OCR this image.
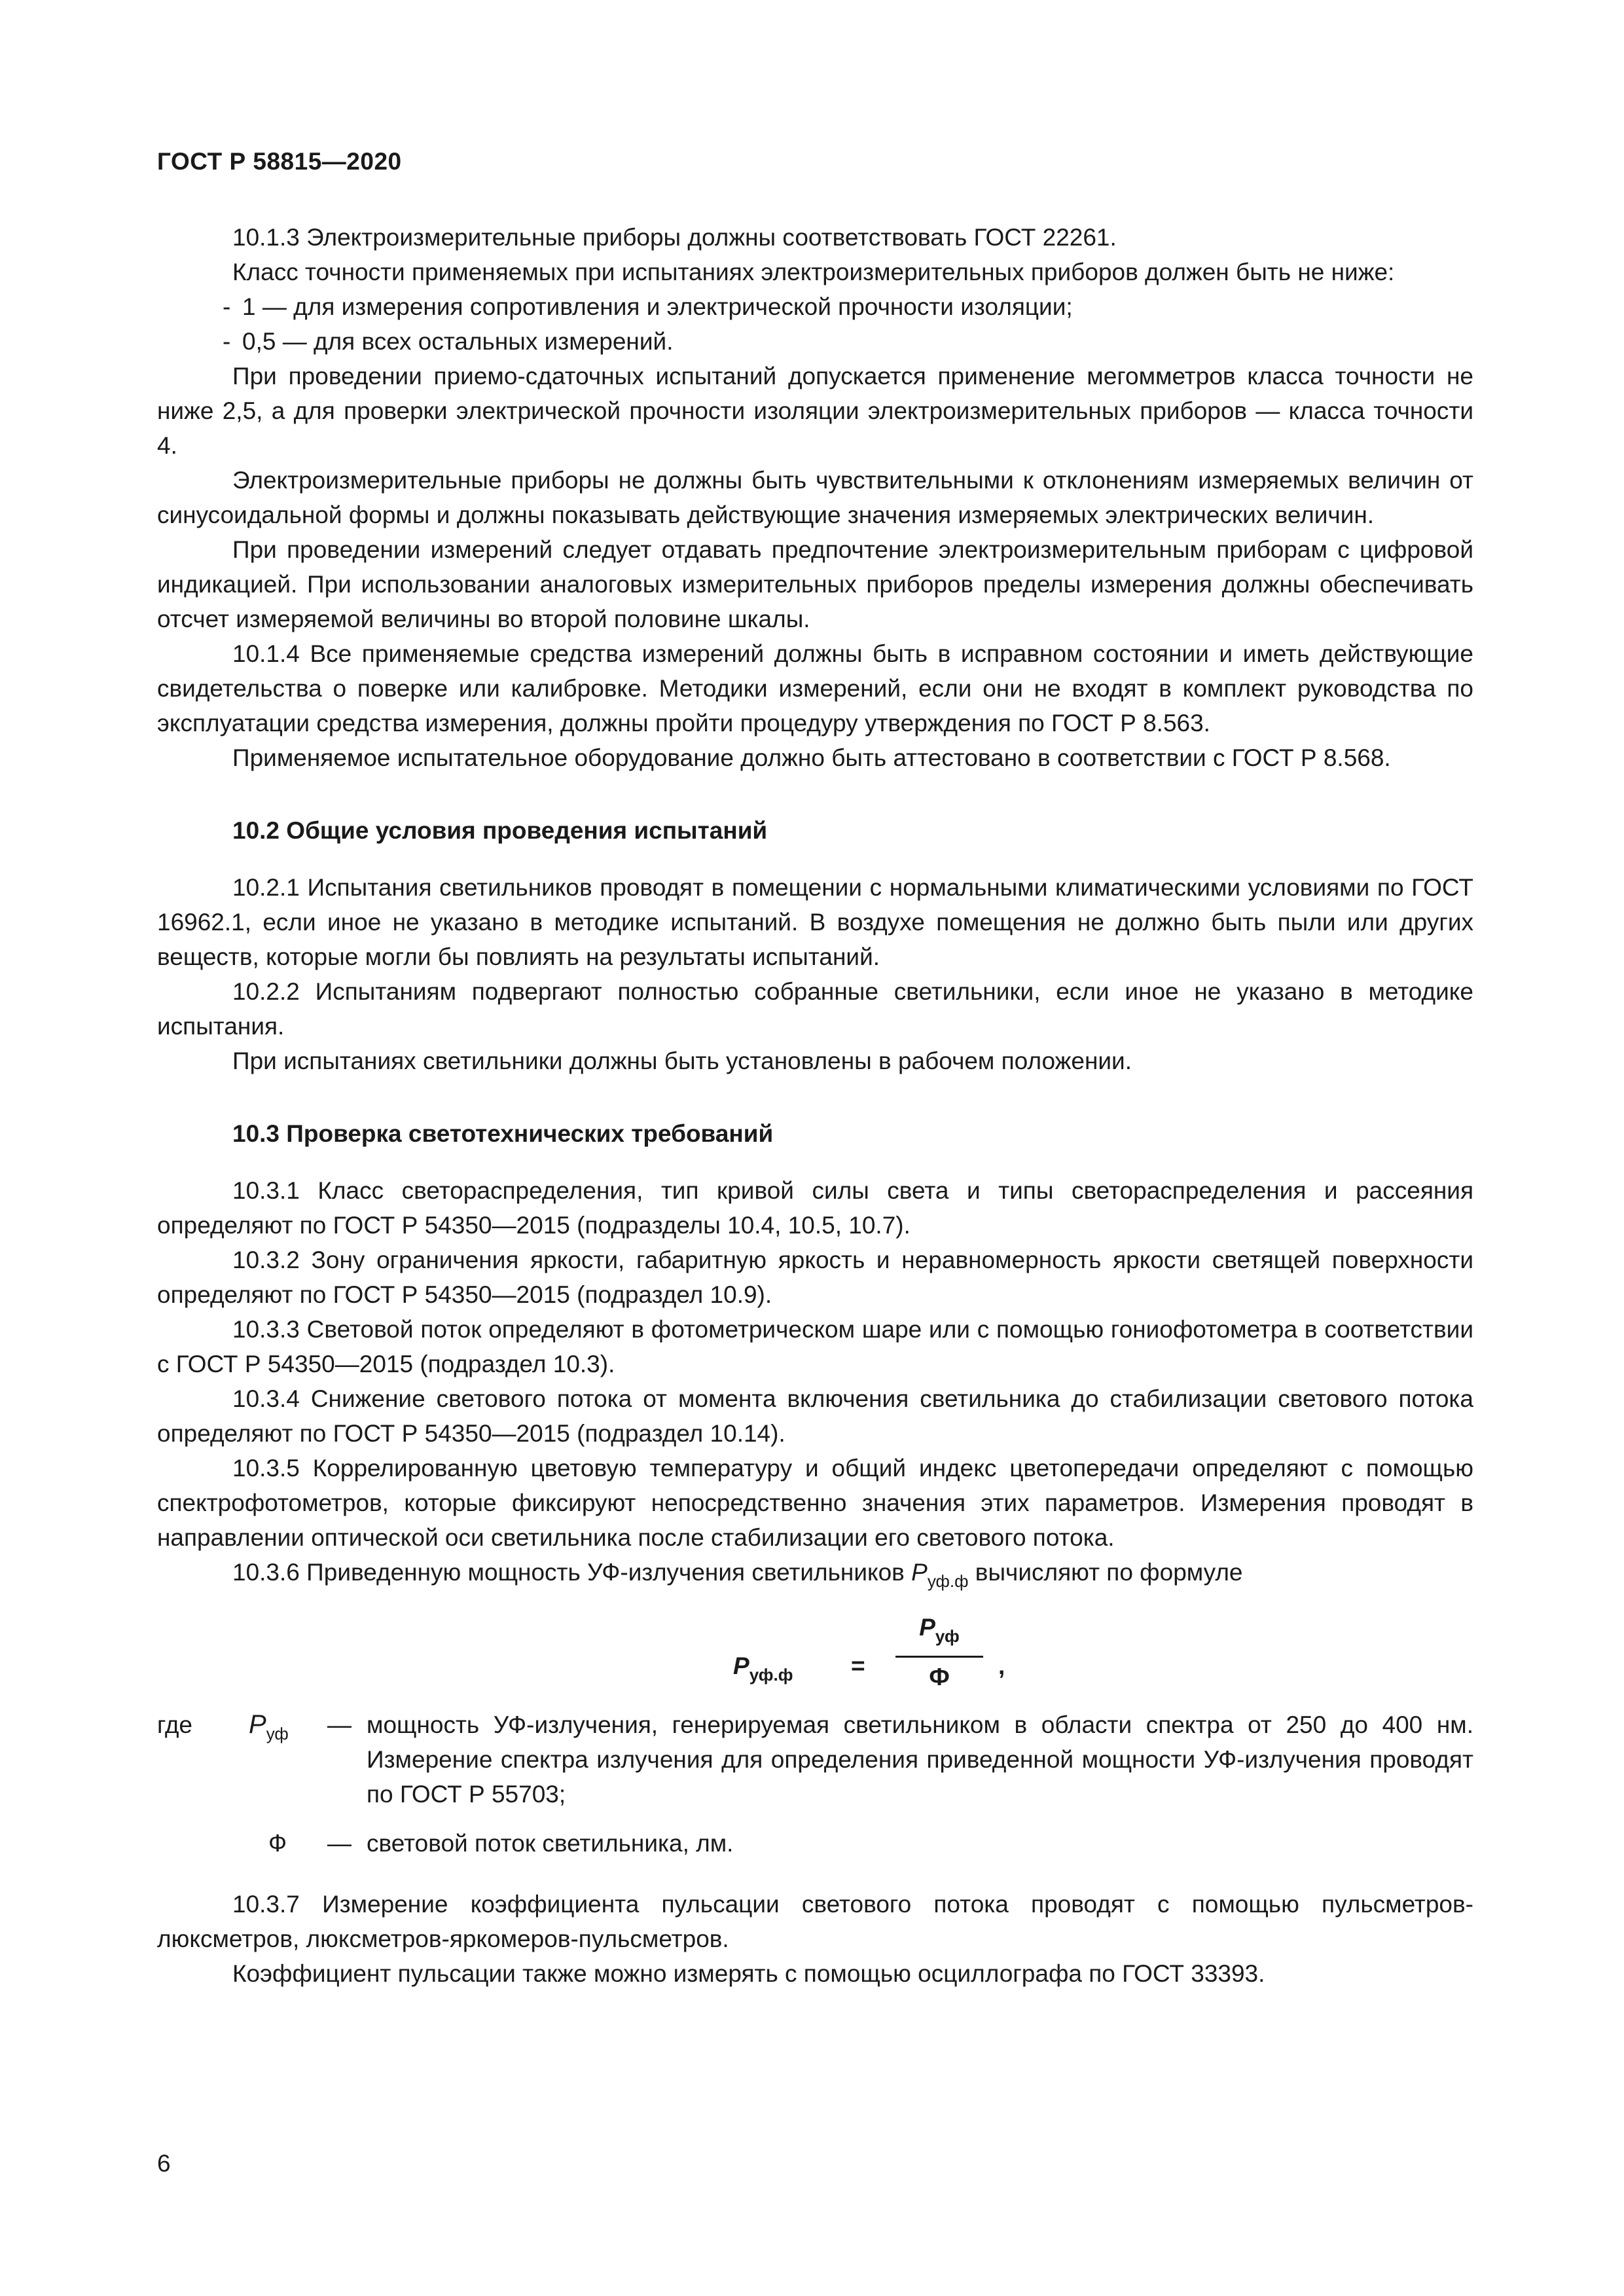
ГОСТ Р 58815—2020

10.1.3 Электроизмерительные приборы должны соответствовать ГОСТ 22261.

Класс точности применяемых при испытаниях электроизмерительных приборов должен быть не ниже:

- 1 — для измерения сопротивления и электрической прочности изоляции;

- 0,5 — для всех остальных измерений.

При проведении приемо-сдаточных испытаний допускается применение мегомметров класса точности не ниже 2,5, а для проверки электрической прочности изоляции электроизмерительных приборов — класса точности 4.

Электроизмерительные приборы не должны быть чувствительными к отклонениям измеряемых величин от синусоидальной формы и должны показывать действующие значения измеряемых электрических величин.

При проведении измерений следует отдавать предпочтение электроизмерительным приборам с цифровой индикацией. При использовании аналоговых измерительных приборов пределы измерения должны обеспечивать отсчет измеряемой величины во второй половине шкалы.

10.1.4 Все применяемые средства измерений должны быть в исправном состоянии и иметь действующие свидетельства о поверке или калибровке. Методики измерений, если они не входят в комплект руководства по эксплуатации средства измерения, должны пройти процедуру утверждения по ГОСТ Р 8.563.

Применяемое испытательное оборудование должно быть аттестовано в соответствии с ГОСТ Р 8.568.

10.2 Общие условия проведения испытаний

10.2.1 Испытания светильников проводят в помещении с нормальными климатическими условиями по ГОСТ 16962.1, если иное не указано в методике испытаний. В воздухе помещения не должно быть пыли или других веществ, которые могли бы повлиять на результаты испытаний.

10.2.2 Испытаниям подвергают полностью собранные светильники, если иное не указано в методике испытания.

При испытаниях светильники должны быть установлены в рабочем положении.

10.3 Проверка светотехнических требований

10.3.1 Класс светораспределения, тип кривой силы света и типы светораспределения и рассеяния определяют по ГОСТ Р 54350—2015 (подразделы 10.4, 10.5, 10.7).

10.3.2 Зону ограничения яркости, габаритную яркость и неравномерность яркости светящей поверхности определяют по ГОСТ Р 54350—2015 (подраздел 10.9).

10.3.3 Световой поток определяют в фотометрическом шаре или с помощью гониофотометра в соответствии с ГОСТ Р 54350—2015 (подраздел 10.3).

10.3.4 Снижение светового потока от момента включения светильника до стабилизации светового потока определяют по ГОСТ Р 54350—2015 (подраздел 10.14).

10.3.5 Коррелированную цветовую температуру и общий индекс цветопередачи определяют с помощью спектрофотометров, которые фиксируют непосредственно значения этих параметров. Измерения проводят в направлении оптической оси светильника после стабилизации его светового потока.

10.3.6 Приведенную мощность УФ-излучения светильников $P_{уф.ф}$ вычисляют по формуле

$P_{уф.ф}$ =
$P_{уф}$
Ф	,
где	$P_{уф}$	— мощность УФ-излучения, генерируемая светильником в области спектра от 250 до 400 нм. Измерение спектра излучения для определения приведенной мощности УФ-излучения проводят по ГОСТ Р 55703;
Ф	— световой поток светильника, лм.

10.3.7 Измерение коэффициента пульсации светового потока проводят с помощью пульсметров-люксметров, люксметров-яркомеров-пульсметров.

Коэффициент пульсации также можно измерять с помощью осциллографа по ГОСТ 33393.

6
